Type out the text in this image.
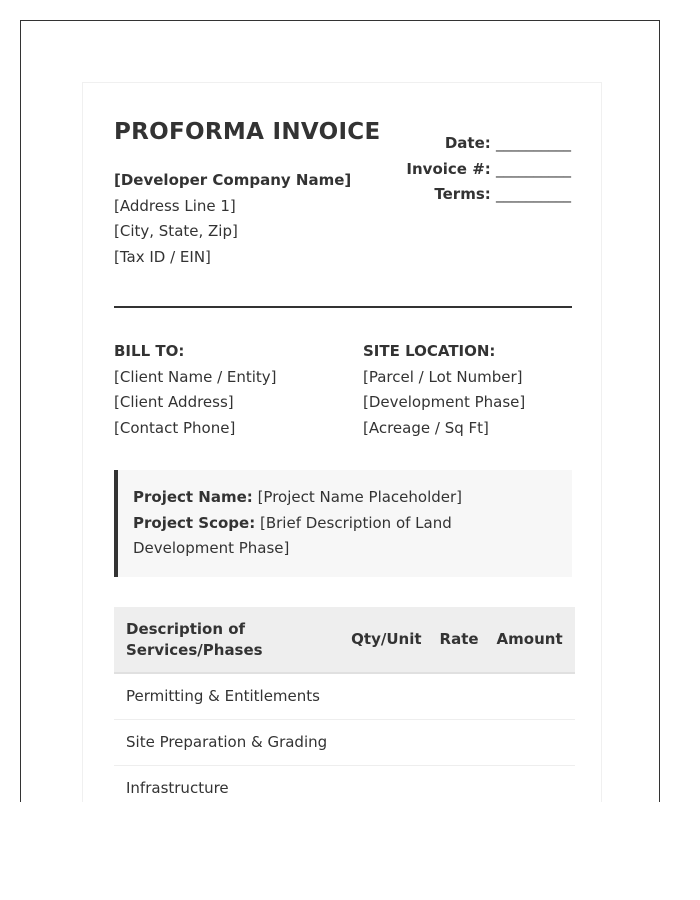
PROFORMA INVOICE	Date: __________
Invoice #: __________
Terms: __________
[Developer Company Name]
[Address Line 1]
[City, State, Zip]
[Tax ID / EIN]
BILL TO:
[Client Name / Entity]
[Client Address]
[Contact Phone]
SITE LOCATION:
[Parcel / Lot Number]
[Development Phase]
[Acreage / Sq Ft]
Project Name: [Project Name Placeholder]
Project Scope: [Brief Description of Land Development Phase]
Description of Services/Phases	Qty/Unit	Rate	Amount
Permitting & Entitlements			
Site Preparation & Grading			
Infrastructure			
